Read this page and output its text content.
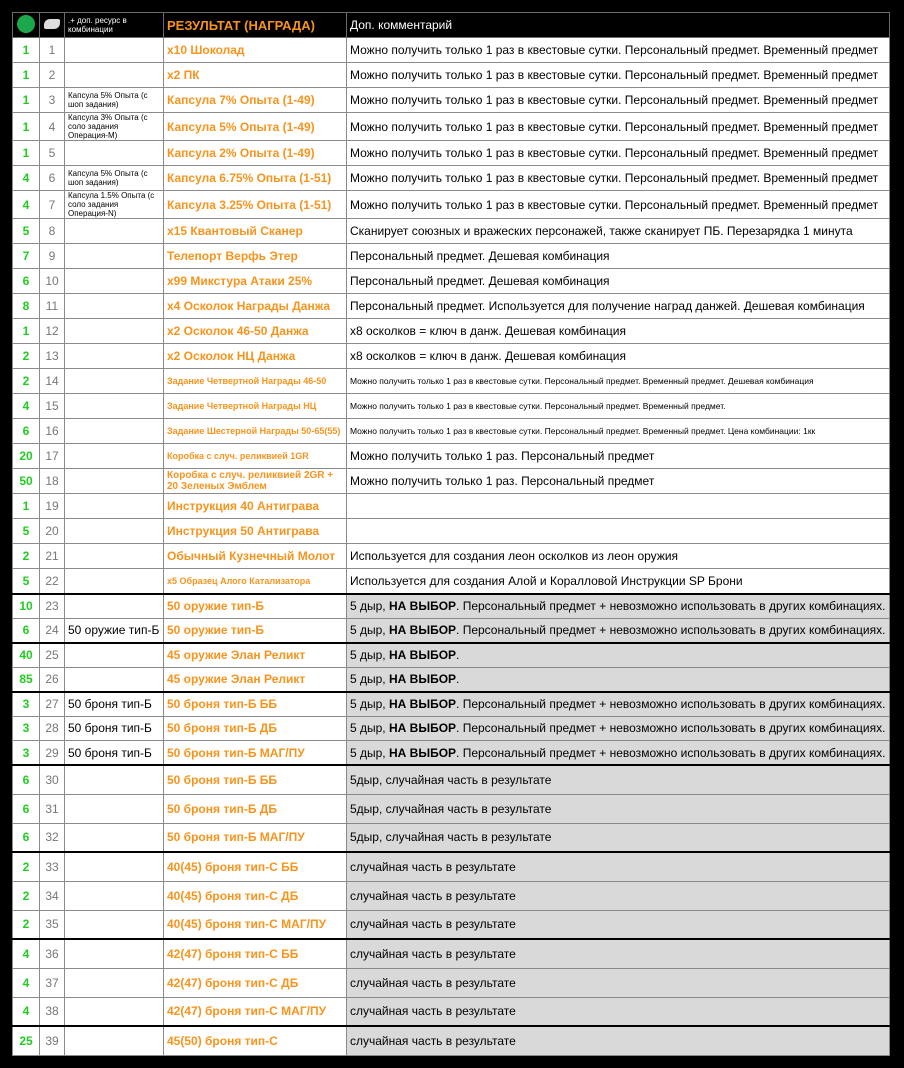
		.+ доп. ресурс в комбинации	РЕЗУЛЬТАТ (НАГРАДА)	Доп. комментарий
1	1		x10 Шоколад	Можно получить только 1 раз в квестовые сутки. Персональный предмет. Временный предмет
1	2		x2 ПК	Можно получить только 1 раз в квестовые сутки. Персональный предмет. Временный предмет
1	3	Капсула 5% Опыта (с шоп задания)	Капсула 7% Опыта (1-49)	Можно получить только 1 раз в квестовые сутки. Персональный предмет. Временный предмет
1	4	Капсула 3% Опыта (с соло задания Операция-М)	Капсула 5% Опыта (1-49)	Можно получить только 1 раз в квестовые сутки. Персональный предмет. Временный предмет
1	5		Капсула 2% Опыта (1-49)	Можно получить только 1 раз в квестовые сутки. Персональный предмет. Временный предмет
4	6	Капсула 5% Опыта (с шоп задания)	Капсула 6.75% Опыта (1-51)	Можно получить только 1 раз в квестовые сутки. Персональный предмет. Временный предмет
4	7	Капсула 1.5% Опыта (с соло задания Операция-N)	Капсула 3.25% Опыта (1-51)	Можно получить только 1 раз в квестовые сутки. Персональный предмет. Временный предмет
5	8		x15 Квантовый Сканер	Сканирует союзных и вражеских персонажей, также сканирует ПБ. Перезарядка 1 минута
7	9		Телепорт Верфь Этер	Персональный предмет. Дешевая комбинация
6	10		x99 Микстура Атаки 25%	Персональный предмет. Дешевая комбинация
8	11		x4 Осколок Награды Данжа	Персональный предмет. Используется для получение наград данжей. Дешевая комбинация
1	12		x2 Осколок 46-50 Данжа	x8 осколков = ключ в данж. Дешевая комбинация
2	13		x2 Осколок НЦ Данжа	x8 осколков = ключ в данж. Дешевая комбинация
2	14		Задание Четвертной Награды 46-50	Можно получить только 1 раз в квестовые сутки. Персональный предмет. Временный предмет. Дешевая комбинация
4	15		Задание Четвертной Награды НЦ	Можно получить только 1 раз в квестовые сутки. Персональный предмет. Временный предмет.
6	16		Задание Шестерной Награды 50-65(55)	Можно получить только 1 раз в квестовые сутки. Персональный предмет. Временный предмет. Цена комбинации: 1кк
20	17		Коробка с случ. реликвией 1GR	Можно получить только 1 раз. Персональный предмет
50	18		Коробка с случ. реликвией 2GR + 20 Зеленых Эмблем	Можно получить только 1 раз. Персональный предмет
1	19		Инструкция 40 Антиграва	
5	20		Инструкция 50 Антиграва	
2	21		Обычный Кузнечный Молот	Используется для создания леон осколков из леон оружия
5	22		x5 Образец Алого Катализатора	Используется для создания Алой и Коралловой Инструкции SP Брони
10	23		50 оружие тип-Б	5 дыр, НА ВЫБОР. Персональный предмет + невозможно использовать в других комбинациях.
6	24	50 оружие тип-Б	50 оружие тип-Б	5 дыр, НА ВЫБОР. Персональный предмет + невозможно использовать в других комбинациях.
40	25		45 оружие Элан Реликт	5 дыр, НА ВЫБОР.
85	26		45 оружие Элан Реликт	5 дыр, НА ВЫБОР.
3	27	50 броня тип-Б	50 броня тип-Б ББ	5 дыр, НА ВЫБОР. Персональный предмет + невозможно использовать в других комбинациях.
3	28	50 броня тип-Б	50 броня тип-Б ДБ	5 дыр, НА ВЫБОР. Персональный предмет + невозможно использовать в других комбинациях.
3	29	50 броня тип-Б	50 броня тип-Б МАГ/ПУ	5 дыр, НА ВЫБОР. Персональный предмет + невозможно использовать в других комбинациях.
6	30		50 броня тип-Б ББ	5дыр, случайная часть в результате
6	31		50 броня тип-Б ДБ	5дыр, случайная часть в результате
6	32		50 броня тип-Б МАГ/ПУ	5дыр, случайная часть в результате
2	33		40(45) броня тип-С ББ	случайная часть в результате
2	34		40(45) броня тип-С ДБ	случайная часть в результате
2	35		40(45) броня тип-С МАГ/ПУ	случайная часть в результате
4	36		42(47) броня тип-С ББ	случайная часть в результате
4	37		42(47) броня тип-С ДБ	случайная часть в результате
4	38		42(47) броня тип-С МАГ/ПУ	случайная часть в результате
25	39		45(50) броня тип-С	случайная часть в результате
